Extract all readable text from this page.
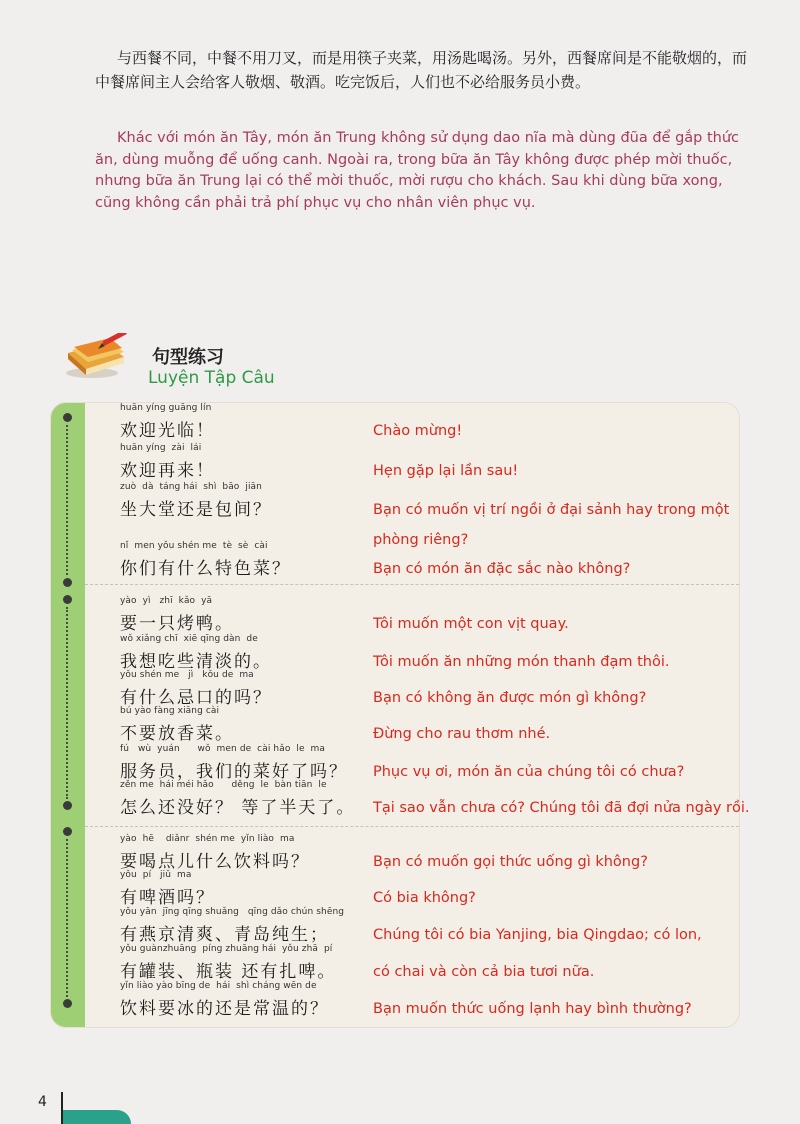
与西餐不同，中餐不用刀叉，而是用筷子夹菜，用汤匙喝汤。另外，西餐席间是不能敬烟的，而中餐席间主人会给客人敬烟、敬酒。吃完饭后，人们也不必给服务员小费。
Khác với món ăn Tây, món ăn Trung không sử dụng dao nĩa mà dùng đũa để gắp thức ăn, dùng muỗng để uống canh. Ngoài ra, trong bữa ăn Tây không được phép mời thuốc, nhưng bữa ăn Trung lại có thể mời thuốc, mời rượu cho khách. Sau khi dùng bữa xong, cũng không cần phải trả phí phục vụ cho nhân viên phục vụ.
句型练习
Luyện Tập Câu
huān yíng guāng lín
欢迎光临！	Chào mừng!
huān yíng  zài  lái
欢迎再来！	Hẹn gặp lại lần sau!
zuò  dà  táng hái  shì  bāo  jiān
坐大堂还是包间？	Bạn có muốn vị trí ngồi ở đại sảnh hay trong một
phòng riêng?
nǐ  men yǒu shén me  tè  sè  cài
你们有什么特色菜？	Bạn có món ăn đặc sắc nào không?
yào  yì   zhī  kǎo  yā
要一只烤鸭。	Tôi muốn một con vịt quay.
wǒ xiǎng chī  xiē qīng dàn  de
我想吃些清淡的。	Tôi muốn ăn những món thanh đạm thôi.
yǒu shén me   jì   kǒu de  ma
有什么忌口的吗？	Bạn có không ăn được món gì không?
bú yào fàng xiāng cài
不要放香菜。	Đừng cho rau thơm nhé.
fú   wù  yuán      wǒ  men de  cài hǎo  le  ma
服务员，我们的菜好了吗？ Phục vụ ơi, món ăn của chúng tôi có chưa?
zěn me  hái méi hǎo      děng  le  bàn tiān  le
怎么还没好？ 等了半天了。 Tại sao vẫn chưa có? Chúng tôi đã đợi nửa ngày rồi.
yào  hē    diǎnr  shén me  yǐn liào  ma
要喝点儿什么饮料吗？	Bạn có muốn gọi thức uống gì không?
yǒu  pí   jiǔ  ma
有啤酒吗？	Có bia không?
yǒu yān  jīng qīng shuǎng   qīng dǎo chún shēng
有燕京清爽、青岛纯生；	Chúng tôi có bia Yanjing, bia Qingdao; có lon,
yǒu guànzhuāng  píng zhuāng hái  yǒu zhā  pí
有罐装、瓶装 还有扎啤。	có chai và còn cả bia tươi nữa.
yǐn liào yào bīng de  hái  shì cháng wēn de
饮料要冰的还是常温的？	Bạn muốn thức uống lạnh hay bình thường?
4
